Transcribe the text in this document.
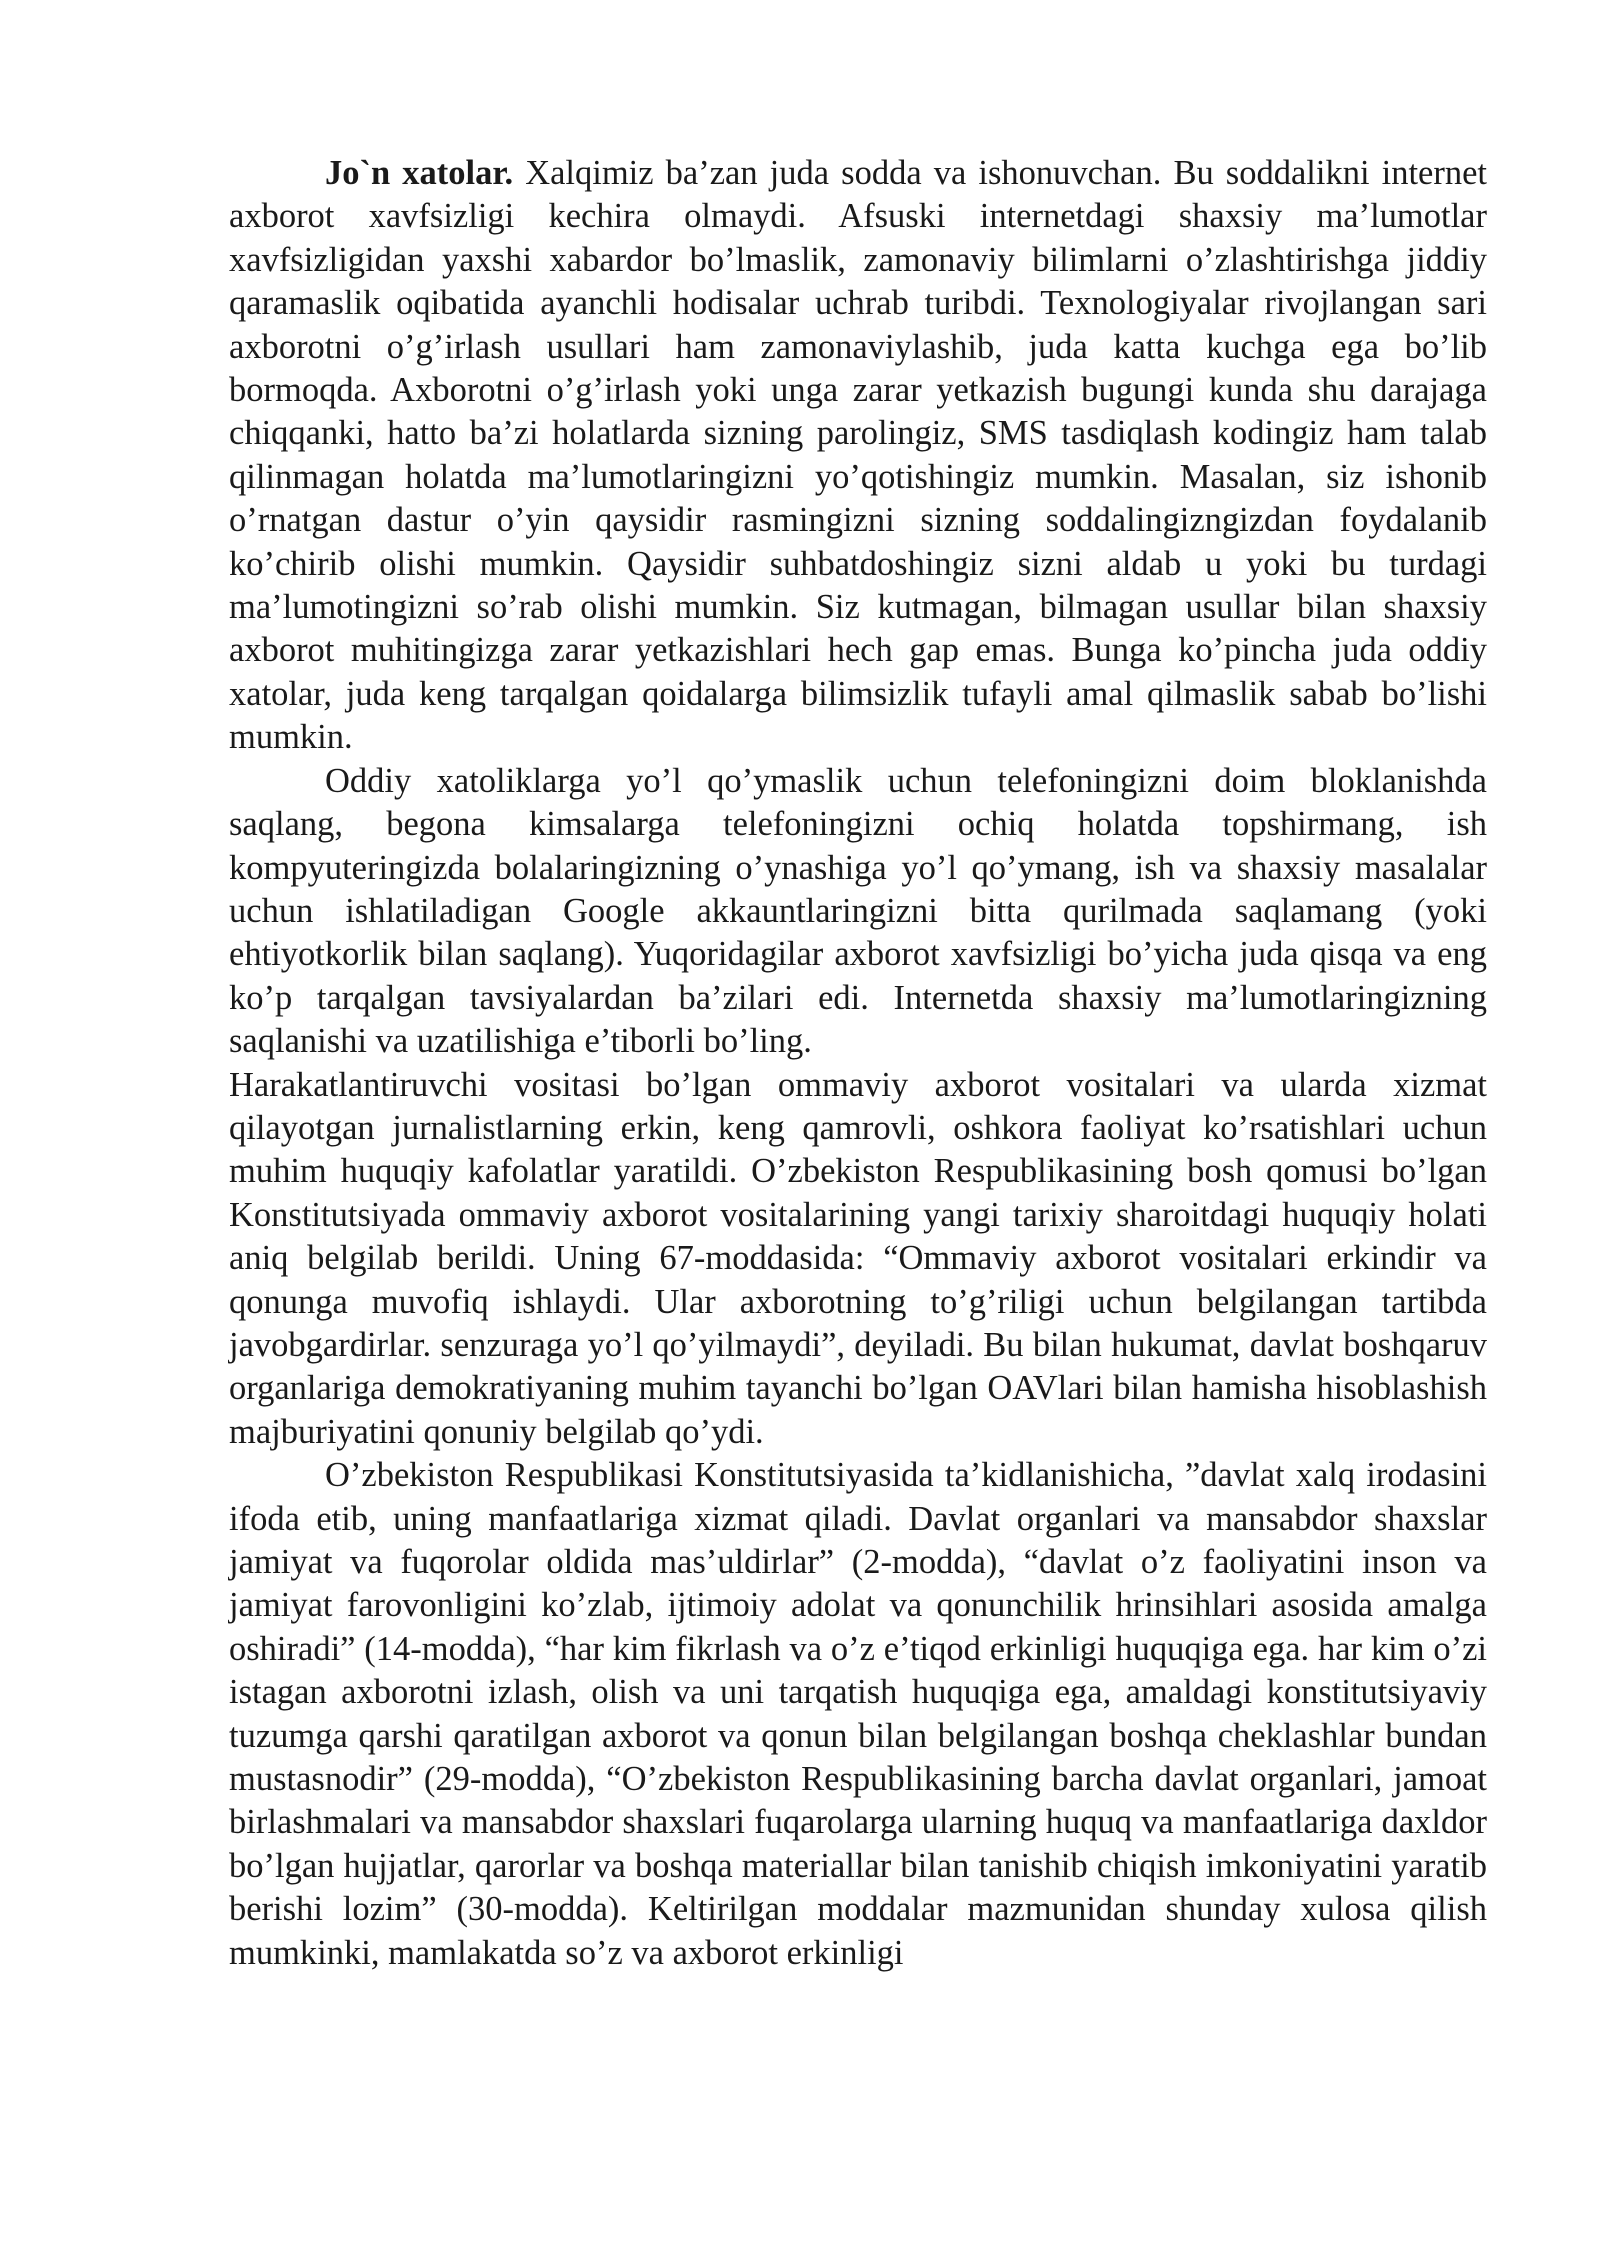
Jo`n xatolar. Xalqimiz ba’zan juda sodda va ishonuvchan. Bu soddalikni internet axborot xavfsizligi kechira olmaydi. Afsuski internetdagi shaxsiy ma’lumotlar xavfsizligidan yaxshi xabardor bo’lmaslik, zamonaviy bilimlarni o’zlashtirishga jiddiy qaramaslik oqibatida ayanchli hodisalar uchrab turibdi. Texnologiyalar rivojlangan sari axborotni o’g’irlash usullari ham zamonaviylashib, juda katta kuchga ega bo’lib bormoqda. Axborotni o’g’irlash yoki unga zarar yetkazish bugungi kunda shu darajaga chiqqanki, hatto ba’zi holatlarda sizning parolingiz, SMS tasdiqlash kodingiz ham talab qilinmagan holatda ma’lumotlaringizni yo’qotishingiz mumkin. Masalan, siz ishonib o’rnatgan dastur o’yin qaysidir rasmingizni sizning soddalingizngizdan foydalanib ko’chirib olishi mumkin. Qaysidir suhbatdoshingiz sizni aldab u yoki bu turdagi ma’lumotingizni so’rab olishi mumkin. Siz kutmagan, bilmagan usullar bilan shaxsiy axborot muhitingizga zarar yetkazishlari hech gap emas. Bunga ko’pincha juda oddiy xatolar, juda keng tarqalgan qoidalarga bilimsizlik tufayli amal qilmaslik sabab bo’lishi mumkin.

Oddiy xatoliklarga yo’l qo’ymaslik uchun telefoningizni doim bloklanishda saqlang, begona kimsalarga telefoningizni ochiq holatda topshirmang, ish kompyuteringizda bolalaringizning o’ynashiga yo’l qo’ymang, ish va shaxsiy masalalar uchun ishlatiladigan Google akkauntlaringizni bitta qurilmada saqlamang (yoki ehtiyotkorlik bilan saqlang). Yuqoridagilar axborot xavfsizligi bo’yicha juda qisqa va eng ko’p tarqalgan tavsiyalardan ba’zilari edi. Internetda shaxsiy ma’lumotlaringizning saqlanishi va uzatilishiga e’tiborli bo’ling.

Harakatlantiruvchi vositasi bo’lgan ommaviy axborot vositalari va ularda xizmat qilayotgan jurnalistlarning erkin, keng qamrovli, oshkora faoliyat ko’rsatishlari uchun muhim huquqiy kafolatlar yaratildi. O’zbekiston Respublikasining bosh qomusi bo’lgan Konstitutsiyada ommaviy axborot vositalarining yangi tarixiy sharoitdagi huquqiy holati aniq belgilab berildi. Uning 67-moddasida: “Ommaviy axborot vositalari erkindir va qonunga muvofiq ishlaydi. Ular axborotning to’g’riligi uchun belgilangan tartibda javobgardirlar. senzuraga yo’l qo’yilmaydi”, deyiladi. Bu bilan hukumat, davlat boshqaruv organlariga demokratiyaning muhim tayanchi bo’lgan OAVlari bilan hamisha hisoblashish majburiyatini qonuniy belgilab qo’ydi.

O’zbekiston Respublikasi Konstitutsiyasida ta’kidlanishicha, ”davlat xalq irodasini ifoda etib, uning manfaatlariga xizmat qiladi. Davlat organlari va mansabdor shaxslar jamiyat va fuqorolar oldida mas’uldirlar” (2-modda), “davlat o’z faoliyatini inson va jamiyat farovonligini ko’zlab, ijtimoiy adolat va qonunchilik hrinsihlari asosida amalga oshiradi” (14-modda), “har kim fikrlash va o’z e’tiqod erkinligi huquqiga ega. har kim o’zi istagan axborotni izlash, olish va uni tarqatish huquqiga ega, amaldagi konstitutsiyaviy tuzumga qarshi qaratilgan axborot va qonun bilan belgilangan boshqa cheklashlar bundan mustasnodir” (29-modda), “O’zbekiston Respublikasining barcha davlat organlari, jamoat birlashmalari va mansabdor shaxslari fuqarolarga ularning huquq va manfaatlariga daxldor bo’lgan hujjatlar, qarorlar va boshqa materiallar bilan tanishib chiqish imkoniyatini yaratib berishi lozim” (30-modda). Keltirilgan moddalar mazmunidan shunday xulosa qilish mumkinki, mamlakatda so’z va axborot erkinligi
